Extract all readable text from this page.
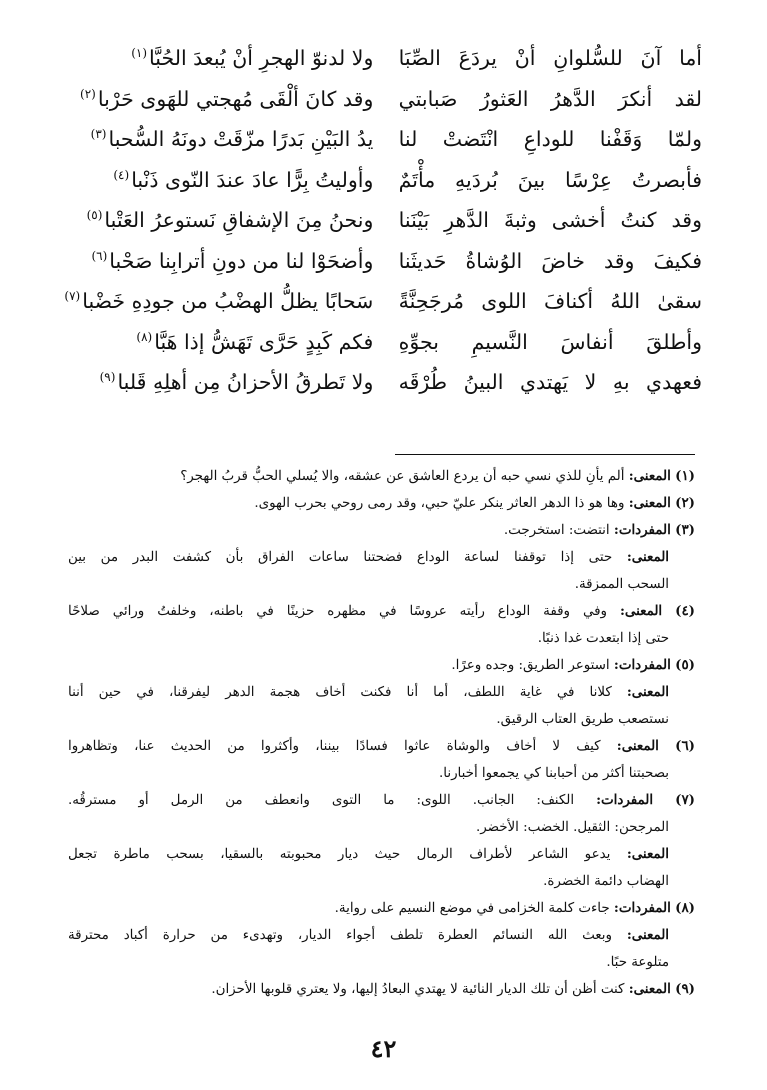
أما آنَ للسُّلوانِ أنْ يردَعَ الصِّبَا
ولا لدنوّ الهجرِ أنْ يُبعدَ الحُبَّا$^{(١)}$
لقد أنكرَ الدَّهرُ العَثورُ صَبابتي
وقد كانَ ألْقَى مُهجتي للهَوى حَرْبا$^{(٢)}$
ولمّا وَقَفْنا للوداعِ انْتَضتْ لنا
يدُ البَيْنِ بَدرًا مزّقَتْ دونَهُ السُّحبا$^{(٣)}$
فأبصرتُ عِرْسًا بينَ بُردَيهِ مأْتَمٌ
وأوليتُ بِرًّا عادَ عندَ النّوى ذَنْبا$^{(٤)}$
وقد كنتُ أخشى وثبةَ الدَّهرِ بَيْنَنا
ونحنُ مِنَ الإشفاقِ نَستوعرُ العَتْبا$^{(٥)}$
فكيفَ وقد خاضَ الوُشاةُ حَديثَنا
وأضحَوْا لنا من دونِ أترابِنا صَحْبا$^{(٦)}$
سقىٰ اللهُ أكنافَ اللوى مُرجَحِنَّةً
سَحابًا يظلُّ الهضْبُ من جودِهِ خَضْبا$^{(٧)}$
وأطلقَ أنفاسَ النَّسيمِ بجوِّهِ
فكم كَبِدٍ حَرَّى تَهَشُّ إذا هَبَّا$^{(٨)}$
فعهدي بهِ لا يَهتدي البينُ طُرْقَه
ولا تَطرقُ الأحزانُ مِن أهلِهِ قَلبا$^{(٩)}$
(١) المعنى: ألم يأنِ للذي نسي حبه أن يردع العاشق عن عشقه، والا يُسلي الحبُّ قربُ الهجر؟
(٢) المعنى: وها هو ذا الدهر العاثر ينكر عليّ حبي، وقد رمى روحي بحرب الهوى.
(٣) المفردات: انتضت: استخرجت.
المعنى: حتى إذا توقفنا لساعة الوداع فضحتنا ساعات الفراق بأن كشفت البدر من بين
السحب الممزقة.
(٤) المعنى: وفي وقفة الوداع رأيته عروسًا في مظهره حزينًا في باطنه، وخلفتُ ورائي صلاحًا
حتى إذا ابتعدت غدا ذنبًا.
(٥) المفردات: استوعر الطريق: وجده وعرًا.
المعنى: كلانا في غاية اللطف، أما أنا فكنت أخاف هجمة الدهر ليفرقنا، في حين أننا
نستصعب طريق العتاب الرقيق.
(٦) المعنى: كيف لا أخاف والوشاة عاثوا فسادًا بيننا، وأكثروا من الحديث عنا، وتظاهروا
بصحبتنا أكثر من أحبابنا كي يجمعوا أخبارنا.
(٧) المفردات: الكنف: الجانب. اللوى: ما التوى وانعطف من الرمل أو مسترقُه.
المرجحن: الثقيل. الخضب: الأخضر.
المعنى: يدعو الشاعر لأطراف الرمال حيث ديار محبوبته بالسقيا، بسحب ماطرة تجعل
الهضاب دائمة الخضرة.
(٨) المفردات: جاءت كلمة الخزامى في موضع النسيم على رواية.
المعنى: وبعث الله النسائم العطرة تلطف أجواء الديار، وتهدىء من حرارة أكباد محترقة
متلوعة حبًا.
(٩) المعنى: كنت أظن أن تلك الديار النائية لا يهتدي البعادُ إليها، ولا يعتري قلوبها الأحزان.
٤٢
